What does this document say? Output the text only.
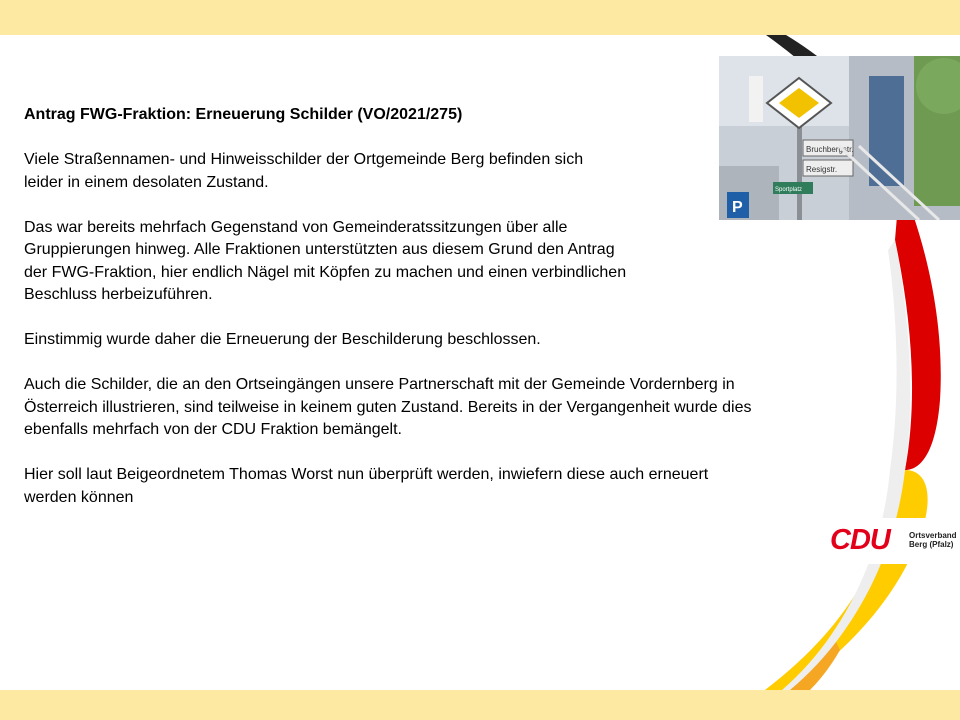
Bruchbergstr.
Resigstr.
Sportplatz
P

Antrag FWG-Fraktion: Erneuerung Schilder (VO/2021/275)

Viele Straßennamen- und Hinweisschilder der Ortgemeinde Berg befinden sich
leider in einem desolaten Zustand.

Das war bereits mehrfach Gegenstand von Gemeinderatssitzungen über alle
Gruppierungen hinweg. Alle Fraktionen unterstützten aus diesem Grund den Antrag
der FWG-Fraktion, hier endlich Nägel mit Köpfen zu machen und einen verbindlichen
Beschluss herbeizuführen.

Einstimmig wurde daher die Erneuerung der Beschilderung beschlossen.

Auch die Schilder, die an den Ortseingängen unsere Partnerschaft mit der Gemeinde Vordernberg in
Österreich illustrieren, sind teilweise in keinem guten Zustand. Bereits in der Vergangenheit wurde dies
ebenfalls mehrfach von der CDU Fraktion bemängelt.

Hier soll laut Beigeordnetem Thomas Worst nun überprüft werden, inwiefern diese auch erneuert
werden können

CDU Ortsverband
Berg (Pfalz)
